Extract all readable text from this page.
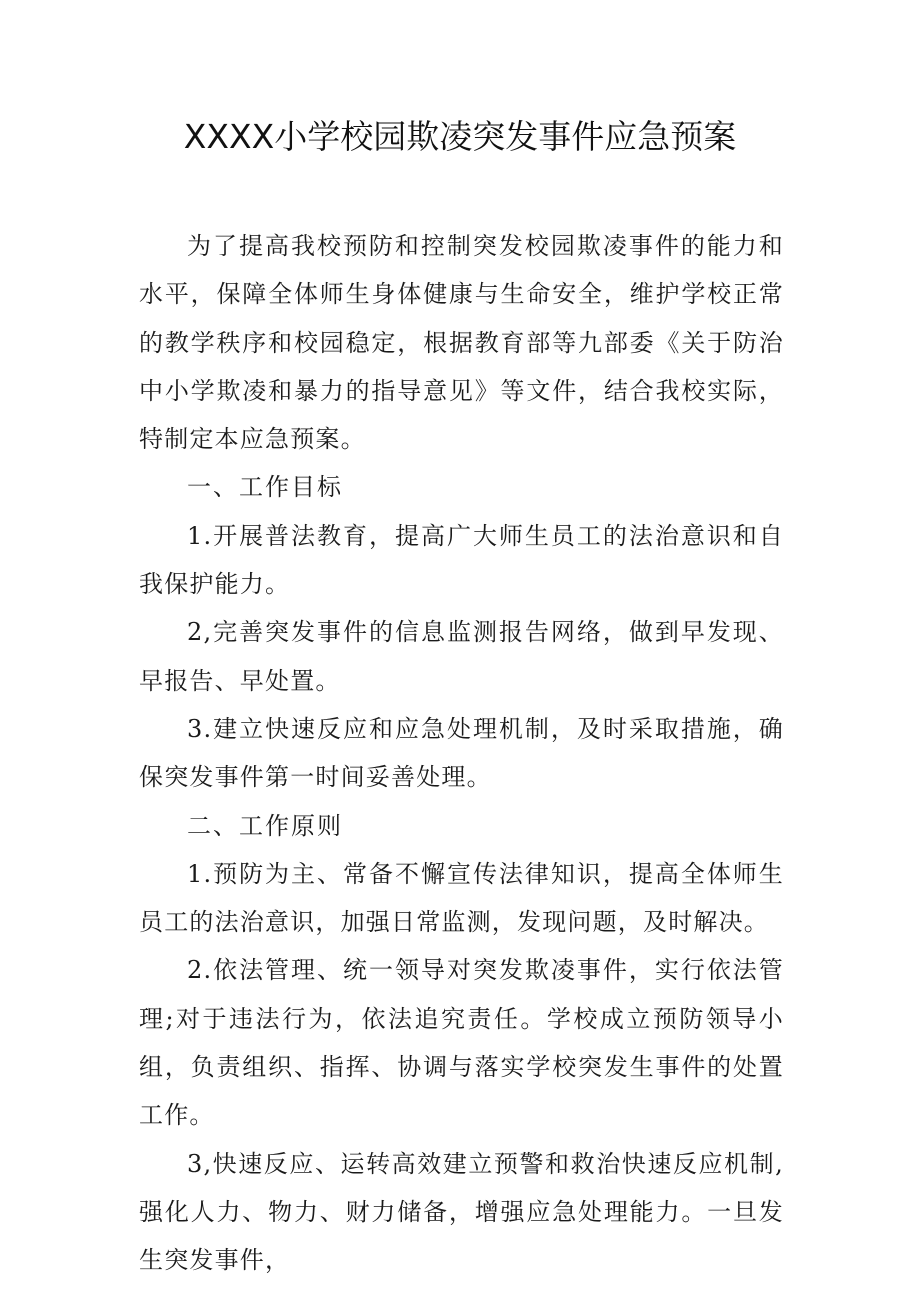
XXXX小学校园欺凌突发事件应急预案

为了提高我校预防和控制突发校园欺凌事件的能力和水平，保障全体师生身体健康与生命安全，维护学校正常的教学秩序和校园稳定，根据教育部等九部委《关于防治中小学欺凌和暴力的指导意见》等文件，结合我校实际，特制定本应急预案。

一、工作目标

1.开展普法教育，提高广大师生员工的法治意识和自我保护能力。

2,完善突发事件的信息监测报告网络，做到早发现、早报告、早处置。

3.建立快速反应和应急处理机制，及时采取措施，确保突发事件第一时间妥善处理。

二、工作原则

1.预防为主、常备不懈宣传法律知识，提高全体师生员工的法治意识，加强日常监测，发现问题，及时解决。

2.依法管理、统一领导对突发欺凌事件，实行依法管理;对于违法行为，依法追究责任。学校成立预防领导小组，负责组织、指挥、协调与落实学校突发生事件的处置工作。

3,快速反应、运转高效建立预警和救治快速反应机制,强化人力、物力、财力储备，增强应急处理能力。一旦发生突发事件，
